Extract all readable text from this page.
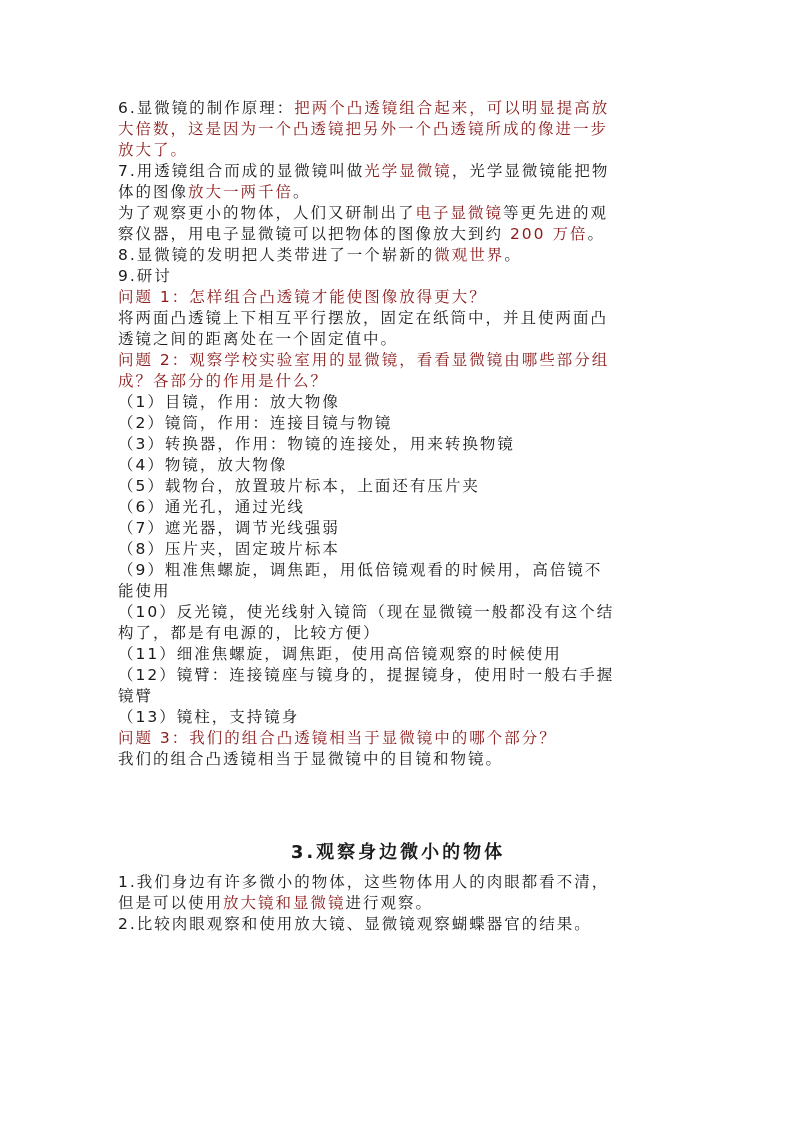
6.显微镜的制作原理：把两个凸透镜组合起来，可以明显提高放
大倍数，这是因为一个凸透镜把另外一个凸透镜所成的像进一步
放大了。
7.用透镜组合而成的显微镜叫做光学显微镜，光学显微镜能把物
体的图像放大一两千倍。
为了观察更小的物体，人们又研制出了电子显微镜等更先进的观
察仪器，用电子显微镜可以把物体的图像放大到约 200 万倍。
8.显微镜的发明把人类带进了一个崭新的微观世界。
9.研讨
问题 1：怎样组合凸透镜才能使图像放得更大？
将两面凸透镜上下相互平行摆放，固定在纸筒中，并且使两面凸
透镜之间的距离处在一个固定值中。
问题 2：观察学校实验室用的显微镜，看看显微镜由哪些部分组
成？各部分的作用是什么？
（1）目镜，作用：放大物像
（2）镜筒，作用：连接目镜与物镜
（3）转换器，作用：物镜的连接处，用来转换物镜
（4）物镜，放大物像
（5）载物台，放置玻片标本，上面还有压片夹
（6）通光孔，通过光线
（7）遮光器，调节光线强弱
（8）压片夹，固定玻片标本
（9）粗准焦螺旋，调焦距，用低倍镜观看的时候用，高倍镜不
能使用
（10）反光镜，使光线射入镜筒（现在显微镜一般都没有这个结
构了，都是有电源的，比较方便）
（11）细准焦螺旋，调焦距，使用高倍镜观察的时候使用
（12）镜臂：连接镜座与镜身的，提握镜身，使用时一般右手握
镜臂
（13）镜柱，支持镜身
问题 3：我们的组合凸透镜相当于显微镜中的哪个部分？
我们的组合凸透镜相当于显微镜中的目镜和物镜。
3.观察身边微小的物体
1.我们身边有许多微小的物体，这些物体用人的肉眼都看不清，
但是可以使用放大镜和显微镜进行观察。
2.比较肉眼观察和使用放大镜、显微镜观察蝴蝶器官的结果。
